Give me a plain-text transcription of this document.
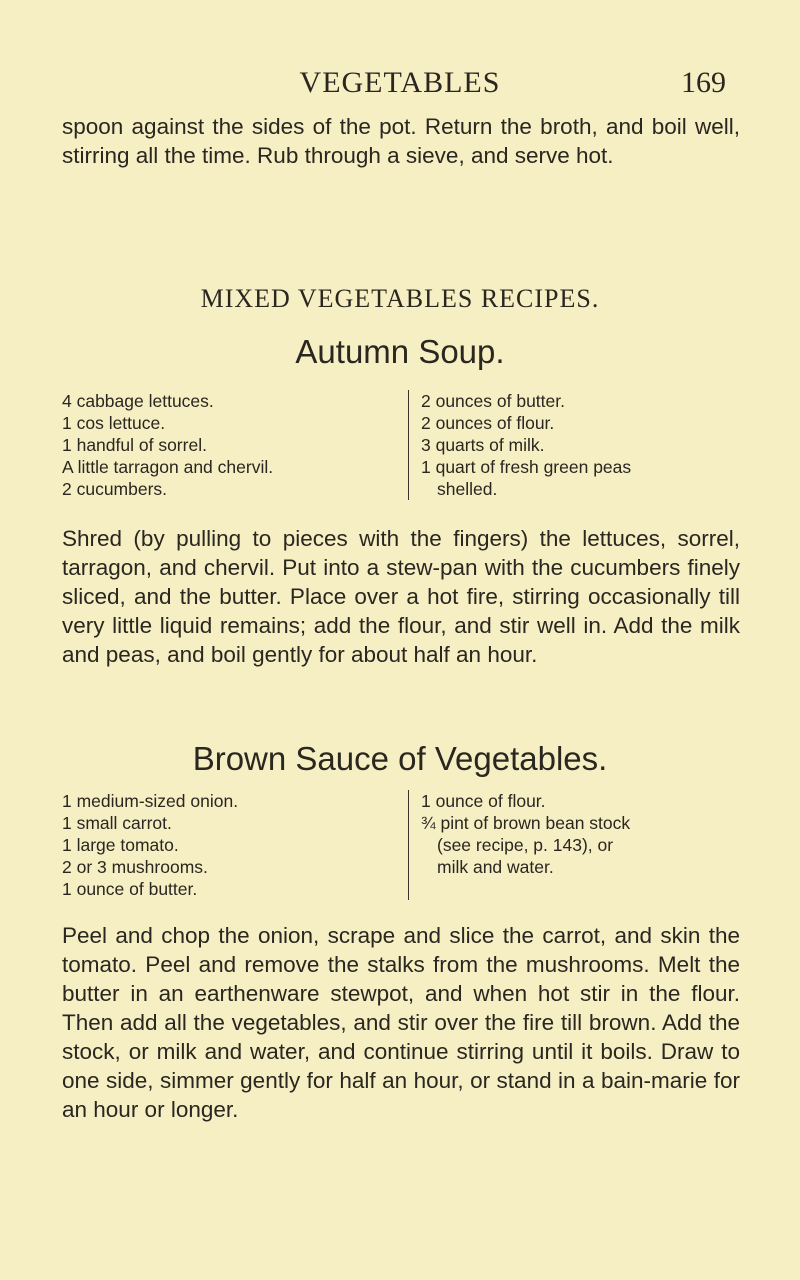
VEGETABLES	169

spoon against the sides of the pot. Return the broth, and boil well, stirring all the time. Rub through a sieve, and serve hot.

MIXED VEGETABLES RECIPES.
Autumn Soup.
4 cabbage lettuces.
1 cos lettuce.
1 handful of sorrel.
A little tarragon and chervil.
2 cucumbers.
2 ounces of butter.
2 ounces of flour.
3 quarts of milk.
1 quart of fresh green peas
shelled.

Shred (by pulling to pieces with the fingers) the lettuces, sorrel, tarragon, and chervil. Put into a stew-pan with the cucumbers finely sliced, and the butter. Place over a hot fire, stirring occasionally till very little liquid remains; add the flour, and stir well in. Add the milk and peas, and boil gently for about half an hour.

Brown Sauce of Vegetables.
1 medium-sized onion.
1 small carrot.
1 large tomato.
2 or 3 mushrooms.
1 ounce of butter.
1 ounce of flour.
¾ pint of brown bean stock
(see recipe, p. 143), or
milk and water.

Peel and chop the onion, scrape and slice the carrot, and skin the tomato. Peel and remove the stalks from the mushrooms. Melt the butter in an earthenware stewpot, and when hot stir in the flour. Then add all the vegetables, and stir over the fire till brown. Add the stock, or milk and water, and continue stirring until it boils. Draw to one side, simmer gently for half an hour, or stand in a bain-marie for an hour or longer.
